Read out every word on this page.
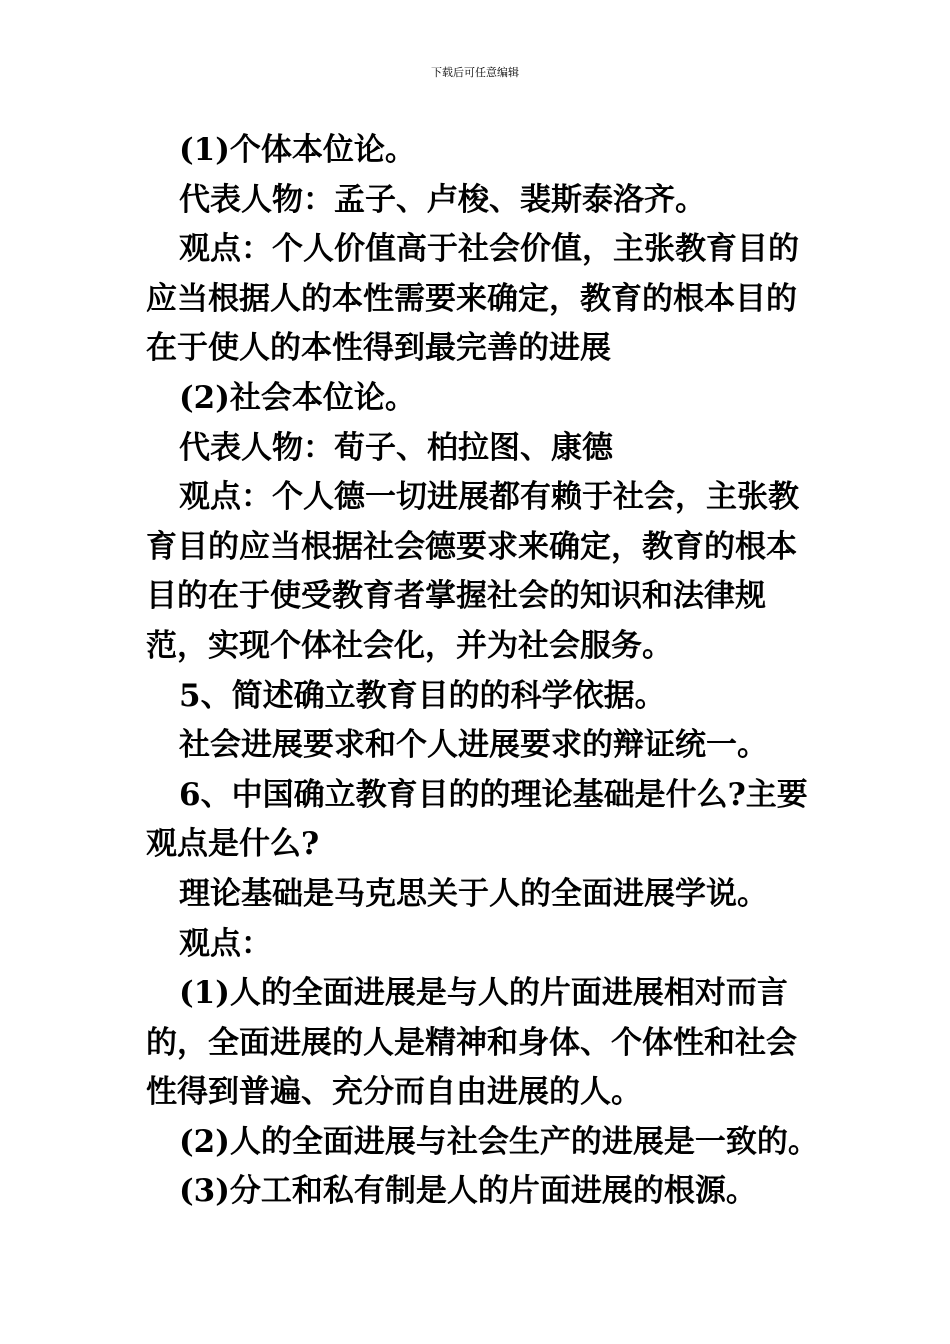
下载后可任意编辑

(1)个体本位论。

代表人物：孟子、卢梭、裴斯泰洛齐。

观点：个人价值高于社会价值，主张教育目的应当根据人的本性需要来确定，教育的根本目的在于使人的本性得到最完善的进展

(2)社会本位论。

代表人物：荀子、柏拉图、康德

观点：个人德一切进展都有赖于社会，主张教育目的应当根据社会德要求来确定，教育的根本目的在于使受教育者掌握社会的知识和法律规范，实现个体社会化，并为社会服务。

5、简述确立教育目的的科学依据。

社会进展要求和个人进展要求的辩证统一。

6、中国确立教育目的的理论基础是什么?主要观点是什么?

理论基础是马克思关于人的全面进展学说。

观点：

(1)人的全面进展是与人的片面进展相对而言的，全面进展的人是精神和身体、个体性和社会性得到普遍、充分而自由进展的人。

(2)人的全面进展与社会生产的进展是一致的。

(3)分工和私有制是人的片面进展的根源。
